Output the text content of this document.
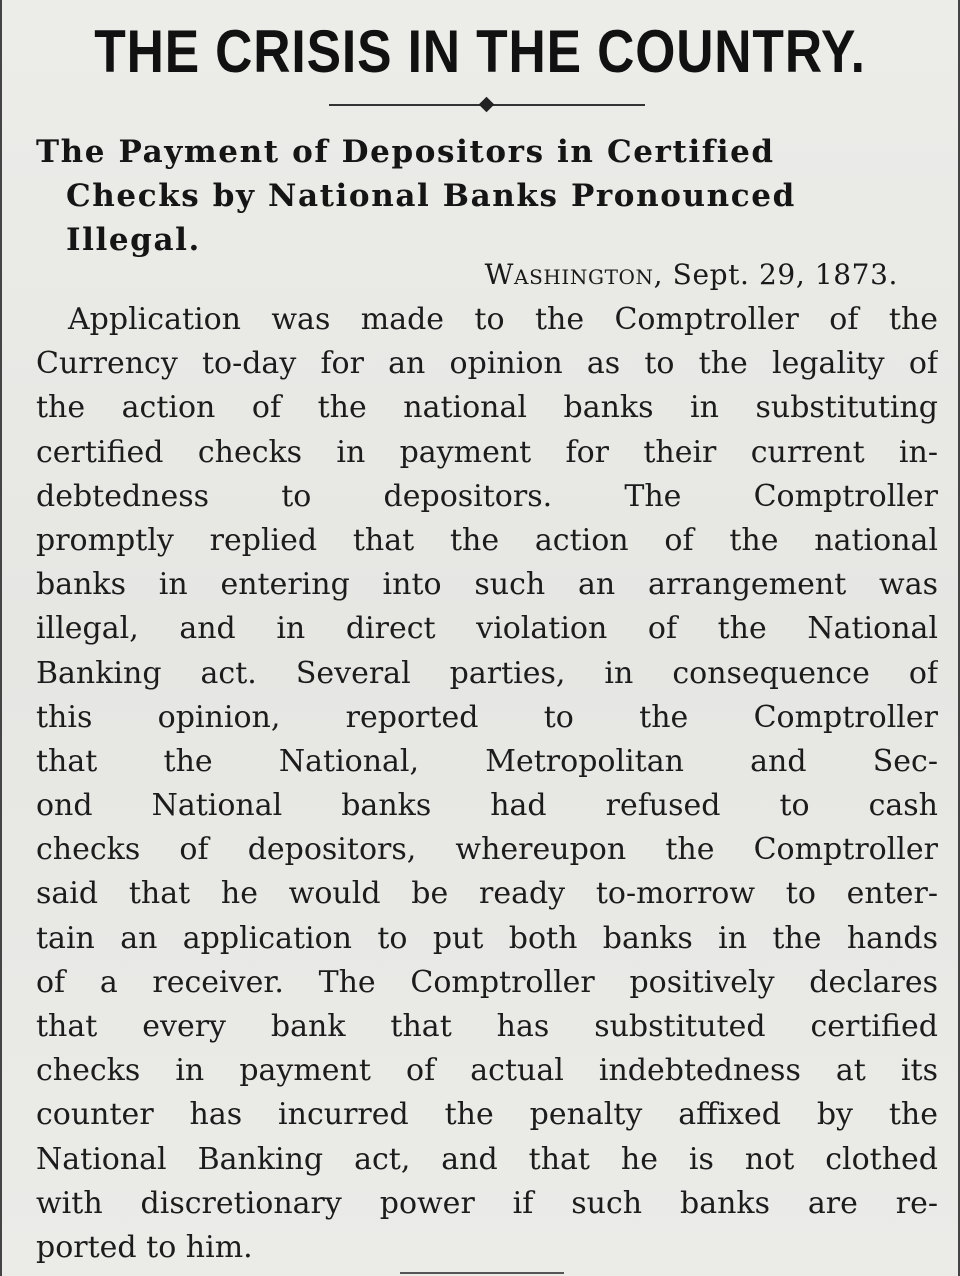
THE CRISIS IN THE COUNTRY.
The Payment of Depositors in Certified
Checks by National Banks Pronounced
Illegal.
Washington, Sept. 29, 1873.
Application was made to the Comptroller of the
Currency to-day for an opinion as to the legality of
the action of the national banks in substituting
certified checks in payment for their current in-
debtedness to depositors. The Comptroller
promptly replied that the action of the national
banks in entering into such an arrangement was
illegal, and in direct violation of the National
Banking act. Several parties, in consequence of
this opinion, reported to the Comptroller
that the National, Metropolitan and Sec-
ond National banks had refused to cash
checks of depositors, whereupon the Comptroller
said that he would be ready to-morrow to enter-
tain an application to put both banks in the hands
of a receiver. The Comptroller positively declares
that every bank that has substituted certified
checks in payment of actual indebtedness at its
counter has incurred the penalty affixed by the
National Banking act, and that he is not clothed
with discretionary power if such banks are re-
ported to him.
